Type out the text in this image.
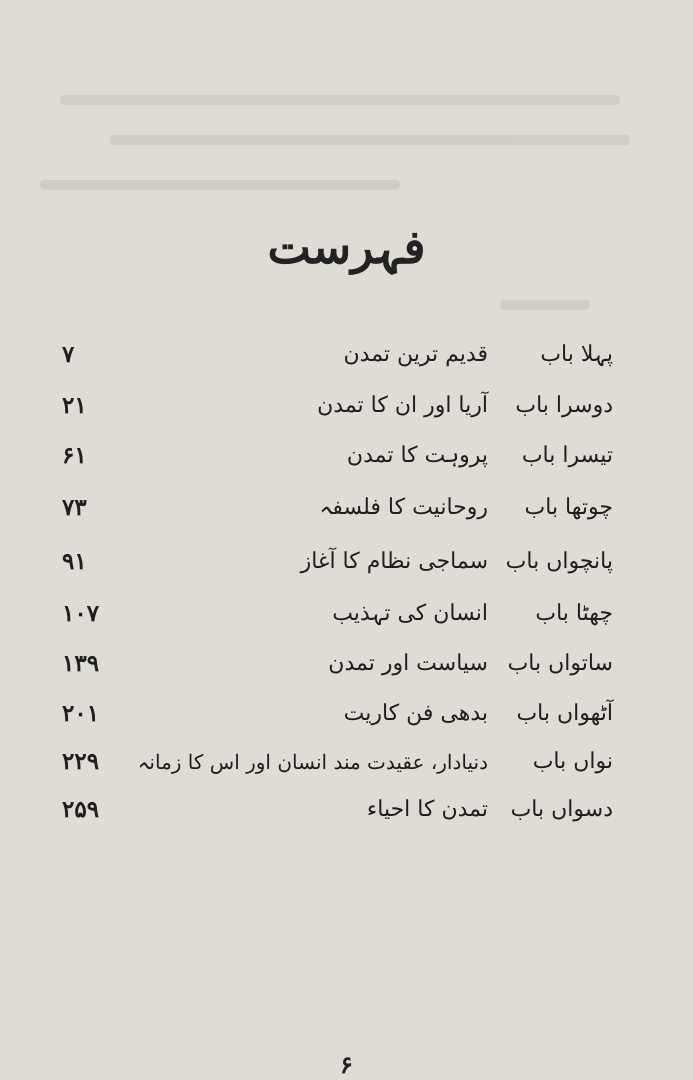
فہرست
پہلا باب
قدیم ترین تمدن
۷
دوسرا باب
آریا اور ان کا تمدن
۲۱
تیسرا باب
پروہت کا تمدن
۶۱
چوتھا باب
روحانیت کا فلسفہ
۷۳
پانچواں باب
سماجی نظام کا آغاز
۹۱
چھٹا باب
انسان کی تہذیب
۱۰۷
ساتواں باب
سیاست اور تمدن
۱۳۹
آٹھواں باب
بدھی فن کاریت
۲۰۱
نواں باب
دنیادار، عقیدت مند انسان اور اس کا زمانہ
۲۲۹
دسواں باب
تمدن کا احیاء
۲۵۹
۶
